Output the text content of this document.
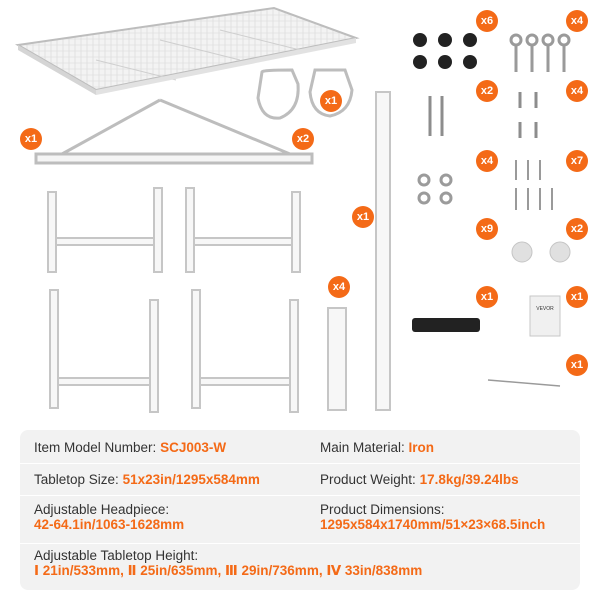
VEVOR
x2
x6	x4
x2	x4
x4	x7
x9	x2
x1	x1
x1
x1
x4
x1
x1
Item Model Number: SCJ003-W	Main Material: Iron
Tabletop Size: 51x23in/1295x584mm	Product Weight: 17.8kg/39.24lbs
Adjustable Headpiece:
42-64.1in/1063-1628mm
Product Dimensions:
1295x584x1740mm/51×23×68.5inch
Adjustable Tabletop Height:
Ⅰ 21in/533mm, Ⅱ 25in/635mm, Ⅲ 29in/736mm, Ⅳ 33in/838mm
